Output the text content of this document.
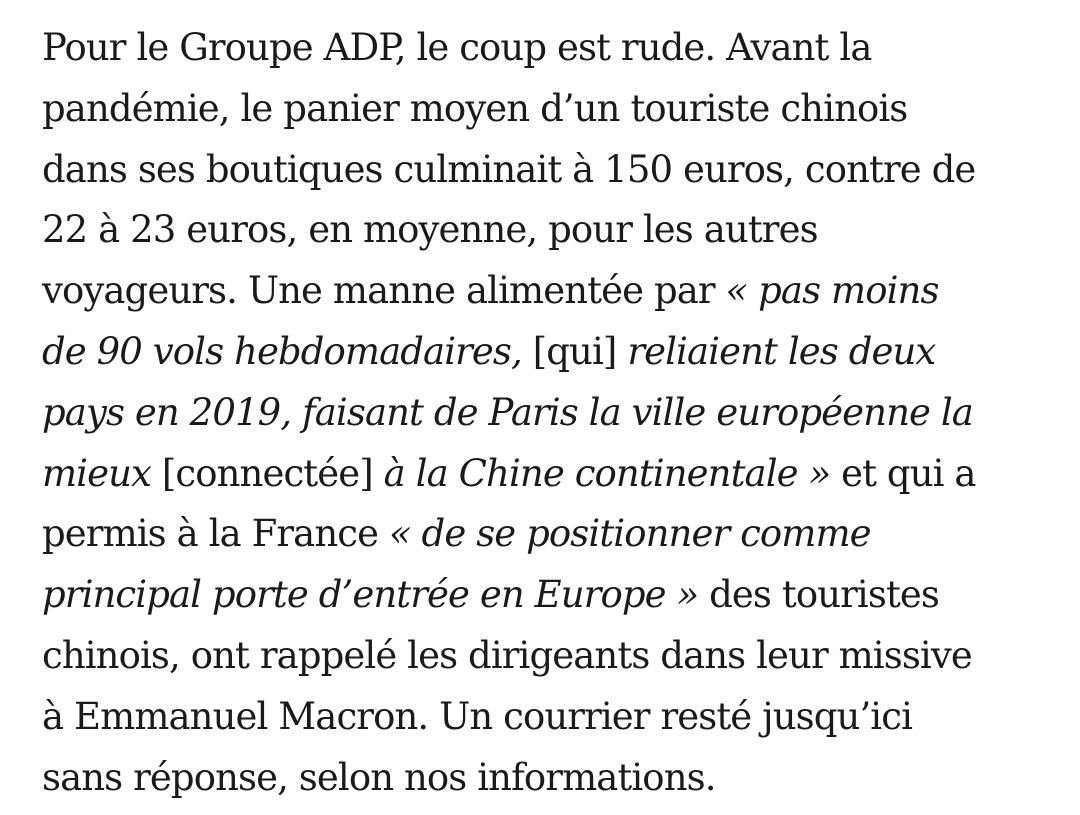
Pour le Groupe ADP, le coup est rude. Avant la
pandémie, le panier moyen d’un touriste chinois
dans ses boutiques culminait à 150 euros, contre de
22 à 23 euros, en moyenne, pour les autres
voyageurs. Une manne alimentée par « pas moins
de 90 vols hebdomadaires, [qui] reliaient les deux
pays en 2019, faisant de Paris la ville européenne la
mieux [connectée] à la Chine continentale » et qui a
permis à la France « de se positionner comme
principal porte d’entrée en Europe » des touristes
chinois, ont rappelé les dirigeants dans leur missive
à Emmanuel Macron. Un courrier resté jusqu’ici
sans réponse, selon nos informations.
